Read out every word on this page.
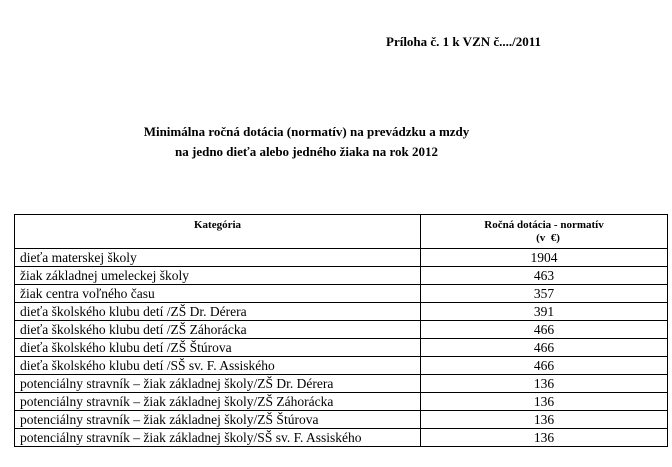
Príloha č. 1 k VZN č..../2011
Minimálna ročná dotácia (normatív) na prevádzku a mzdy
na jedno dieťa alebo jedného žiaka na rok 2012
Kategória	Ročná dotácia - normatív
(v  €)

dieťa materskej školy	1904
žiak základnej umeleckej školy	463
žiak centra voľného času	357
dieťa školského klubu detí /ZŠ Dr. Dérera	391
dieťa školského klubu detí /ZŠ Záhorácka	466
dieťa školského klubu detí /ZŠ Štúrova	466
dieťa školského klubu detí /SŠ sv. F. Assiského	466
potenciálny stravník – žiak základnej školy/ZŠ Dr. Dérera	136
potenciálny stravník – žiak základnej školy/ZŠ Záhorácka	136
potenciálny stravník – žiak základnej školy/ZŠ Štúrova	136
potenciálny stravník – žiak základnej školy/SŠ sv. F. Assiského	136
